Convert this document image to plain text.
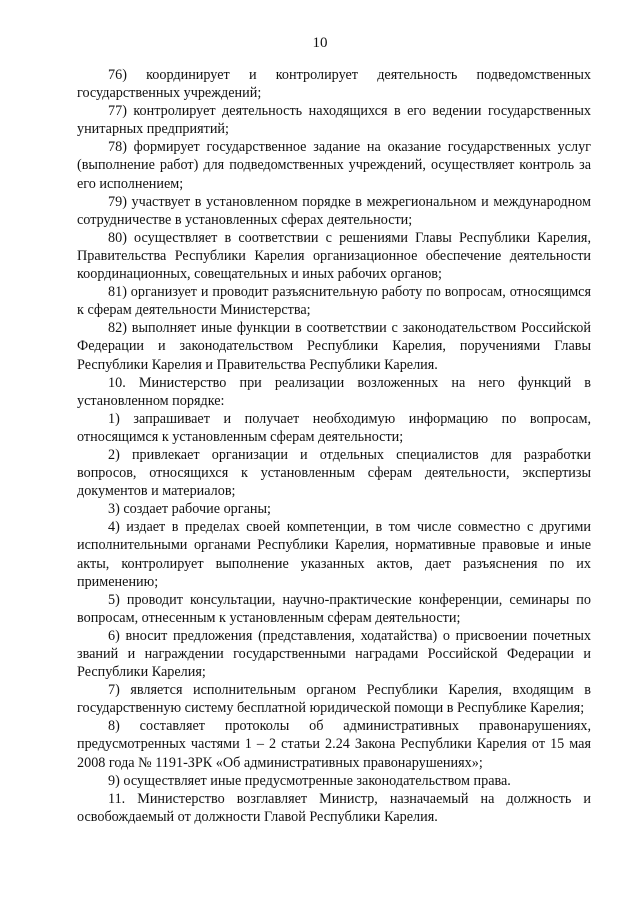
10

76) координирует и контролирует деятельность подведомственных государственных учреждений;

77) контролирует деятельность находящихся в его ведении государственных унитарных предприятий;

78) формирует государственное задание на оказание государственных услуг (выполнение работ) для подведомственных учреждений, осуществляет контроль за его исполнением;

79) участвует в установленном порядке в межрегиональном и международном сотрудничестве в установленных сферах деятельности;

80) осуществляет в соответствии с решениями Главы Республики Карелия, Правительства Республики Карелия организационное обеспечение деятельности координационных, совещательных и иных рабочих органов;

81) организует и проводит разъяснительную работу по вопросам, относящимся к сферам деятельности Министерства;

82) выполняет иные функции в соответствии с законодательством Российской Федерации и законодательством Республики Карелия, поручениями Главы Республики Карелия и Правительства Республики Карелия.

10. Министерство при реализации возложенных на него функций в установленном порядке:

1) запрашивает и получает необходимую информацию по вопросам, относящимся к установленным сферам деятельности;

2) привлекает организации и отдельных специалистов для разработки вопросов, относящихся к установленным сферам деятельности, экспертизы документов и материалов;

3) создает рабочие органы;

4) издает в пределах своей компетенции, в том числе совместно с другими исполнительными органами Республики Карелия, нормативные правовые и иные акты, контролирует выполнение указанных актов, дает разъяснения по их применению;

5) проводит консультации, научно-практические конференции, семинары по вопросам, отнесенным к установленным сферам деятельности;

6) вносит предложения (представления, ходатайства) о присвоении почетных званий и награждении государственными наградами Российской Федерации и Республики Карелия;

7) является исполнительным органом Республики Карелия, входящим в государственную систему бесплатной юридической помощи в Республике Карелия;

8) составляет протоколы об административных правонарушениях, предусмотренных частями 1 – 2 статьи 2.24 Закона Республики Карелия от 15 мая 2008 года № 1191-ЗРК «Об административных правонарушениях»;

9) осуществляет иные предусмотренные законодательством права.

11. Министерство возглавляет Министр, назначаемый на должность и освобождаемый от должности Главой Республики Карелия.
